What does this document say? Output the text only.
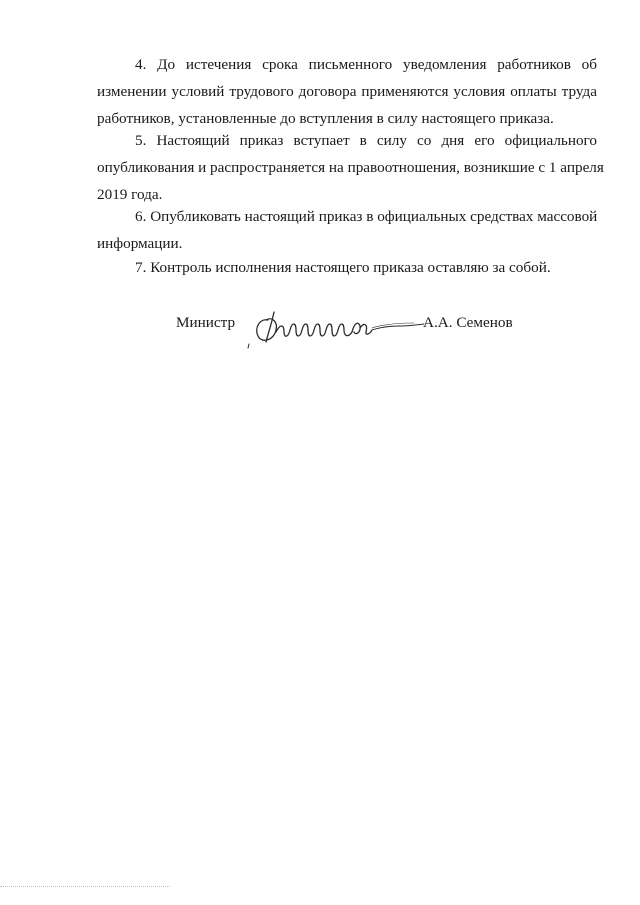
4. До истечения срока письменного уведомления работников об
изменении условий трудового договора применяются условия оплаты труда
работников, установленные до вступления в силу настоящего приказа.
5. Настоящий приказ вступает в силу со дня его официального
опубликования и распространяется на правоотношения, возникшие с 1 апреля
2019 года.
6. Опубликовать настоящий приказ в официальных средствах массовой
информации.
7. Контроль исполнения настоящего приказа оставляю за собой.
Министр	А.А. Семенов
